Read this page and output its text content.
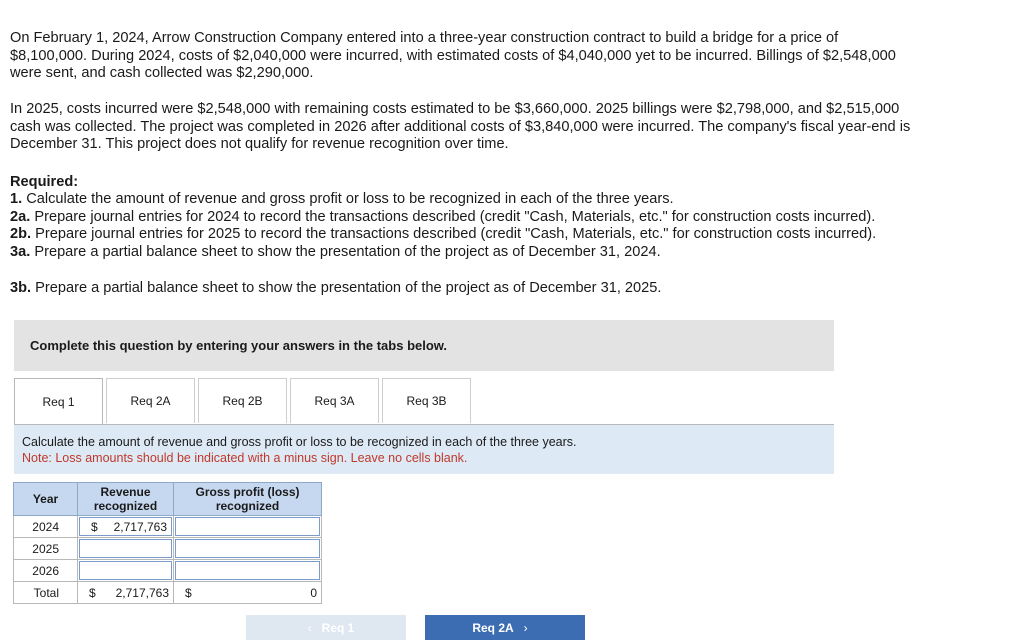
On February 1, 2024, Arrow Construction Company entered into a three-year construction contract to build a bridge for a price of $8,100,000. During 2024, costs of $2,040,000 were incurred, with estimated costs of $4,040,000 yet to be incurred. Billings of $2,548,000 were sent, and cash collected was $2,290,000.

In 2025, costs incurred were $2,548,000 with remaining costs estimated to be $3,660,000. 2025 billings were $2,798,000, and $2,515,000 cash was collected. The project was completed in 2026 after additional costs of $3,840,000 were incurred. The company's fiscal year-end is December 31. This project does not qualify for revenue recognition over time.

Required:

1. Calculate the amount of revenue and gross profit or loss to be recognized in each of the three years.
2a. Prepare journal entries for 2024 to record the transactions described (credit "Cash, Materials, etc." for construction costs incurred).
2b. Prepare journal entries for 2025 to record the transactions described (credit "Cash, Materials, etc." for construction costs incurred).
3a. Prepare a partial balance sheet to show the presentation of the project as of December 31, 2024.
3b. Prepare a partial balance sheet to show the presentation of the project as of December 31, 2025.
Complete this question by entering your answers in the tabs below.
Req 1	Req 2A	Req 2B	Req 3A	Req 3B
Calculate the amount of revenue and gross profit or loss to be recognized in each of the three years.
Note: Loss amounts should be indicated with a minus sign. Leave no cells blank.
Year	Revenue recognized	Gross profit (loss) recognized
2024	$ 2,717,763	

2025	

2026	

Total	$ 2,717,763	$ 0
‹ Req 1	Req 2A ›
